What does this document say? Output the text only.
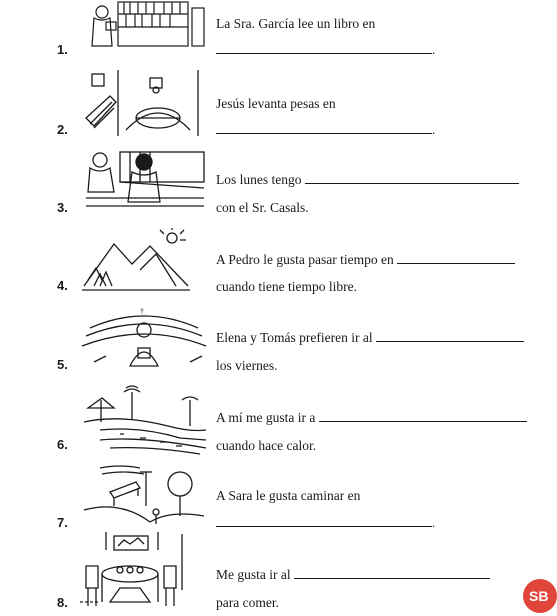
1.
La Sra. García lee un libro en
.
2.
Jesús levanta pesas en
.
3.
Los lunes tengo
con el Sr. Casals.
4.
A Pedro le gusta pasar tiempo en
cuando tiene tiempo libre.
†
5.
Elena y Tomás prefieren ir al
los viernes.
6.
A mí me gusta ir a
cuando hace calor.
7.
A Sara le gusta caminar en
.
8.
Me gusta ir al
para comer.	SB
